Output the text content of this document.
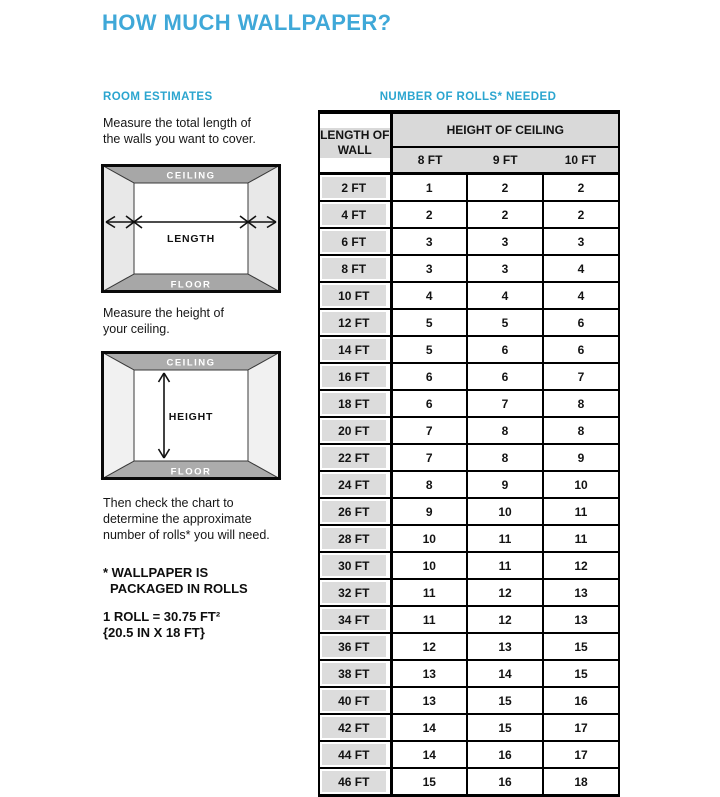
HOW MUCH WALLPAPER?
ROOM ESTIMATES
Measure the total length of
the walls you want to cover.
CEILING
FLOOR
LENGTH
Measure the height of
your ceiling.
CEILING
FLOOR
HEIGHT
Then check the chart to
determine the approximate
number of rolls* you will need.
* WALLPAPER IS
PACKAGED IN ROLLS
1 ROLL = 30.75 FT²
{20.5 IN X 18 FT}
NUMBER OF ROLLS* NEEDED
LENGTH OF WALL	HEIGHT OF CEILING		

	8 FT 9 FT 10 FT		

2 FT	1	2	2

4 FT	2	2	2

6 FT	3	3	3

8 FT	3	3	4

10 FT	4	4	4

12 FT	5	5	6

14 FT	5	6	6

16 FT	6	6	7

18 FT	6	7	8

20 FT	7	8	8

22 FT	7	8	9

24 FT	8	9	10

26 FT	9	10	11

28 FT	10	11	11

30 FT	10	11	12

32 FT	11	12	13

34 FT	11	12	13

36 FT	12	13	15

38 FT	13	14	15

40 FT	13	15	16

42 FT	14	15	17

44 FT	14	16	17

46 FT	15	16	18
